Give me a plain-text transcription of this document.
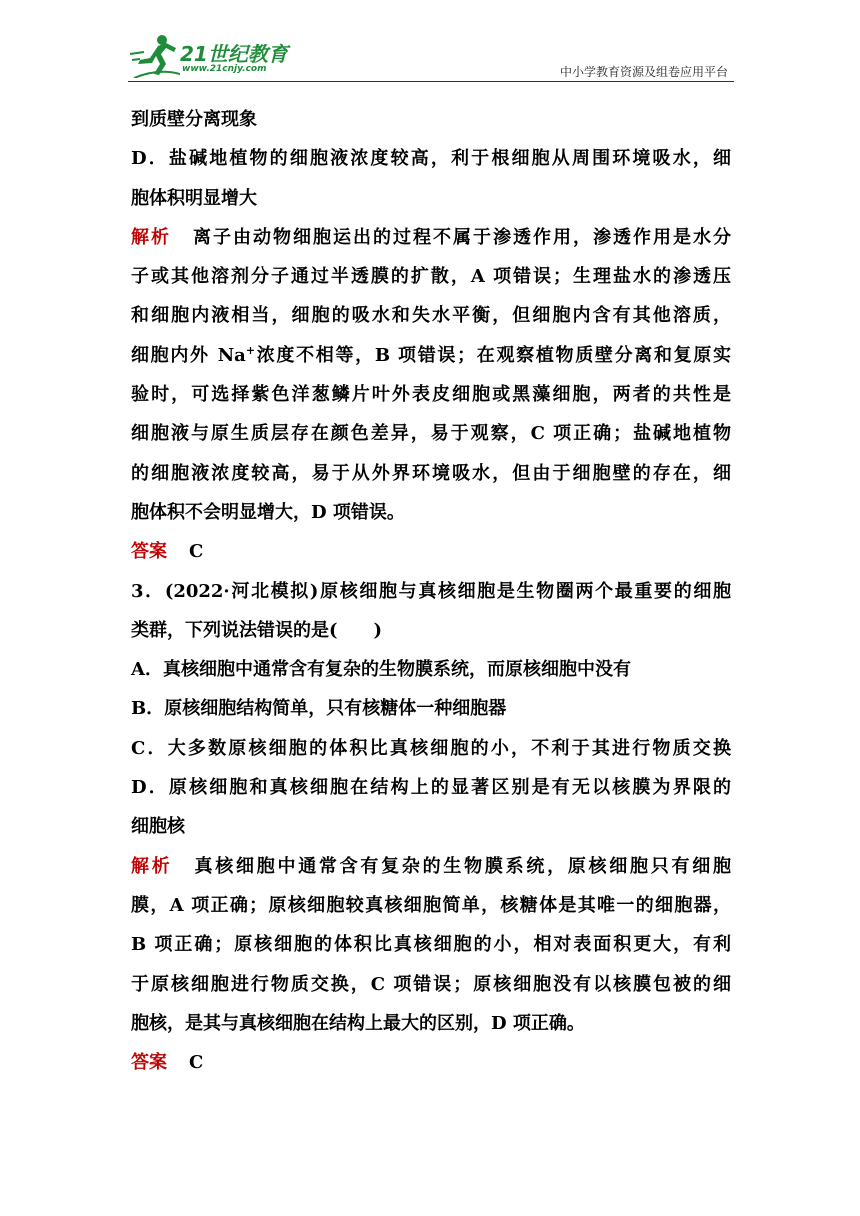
21世纪教育
www.21cnjy.com	中小学教育资源及组卷应用平台
到质壁分离现象
D．盐碱地植物的细胞液浓度较高，利于根细胞从周围环境吸水，细
胞体积明显增大
解析 离子由动物细胞运出的过程不属于渗透作用，渗透作用是水分
子或其他溶剂分子通过半透膜的扩散，A 项错误；生理盐水的渗透压
和细胞内液相当，细胞的吸水和失水平衡，但细胞内含有其他溶质，
细胞内外 Na+浓度不相等，B 项错误；在观察植物质壁分离和复原实
验时，可选择紫色洋葱鳞片叶外表皮细胞或黑藻细胞，两者的共性是
细胞液与原生质层存在颜色差异，易于观察，C 项正确；盐碱地植物
的细胞液浓度较高，易于从外界环境吸水，但由于细胞壁的存在，细
胞体积不会明显增大，D 项错误。
答案 C
3．(2022·河北模拟)原核细胞与真核细胞是生物圈两个最重要的细胞
类群，下列说法错误的是(　　)
A．真核细胞中通常含有复杂的生物膜系统，而原核细胞中没有
B．原核细胞结构简单，只有核糖体一种细胞器
C．大多数原核细胞的体积比真核细胞的小，不利于其进行物质交换
D．原核细胞和真核细胞在结构上的显著区别是有无以核膜为界限的
细胞核
解析 真核细胞中通常含有复杂的生物膜系统，原核细胞只有细胞
膜，A 项正确；原核细胞较真核细胞简单，核糖体是其唯一的细胞器，
B 项正确；原核细胞的体积比真核细胞的小，相对表面积更大，有利
于原核细胞进行物质交换，C 项错误；原核细胞没有以核膜包被的细
胞核，是其与真核细胞在结构上最大的区别，D 项正确。
答案 C
